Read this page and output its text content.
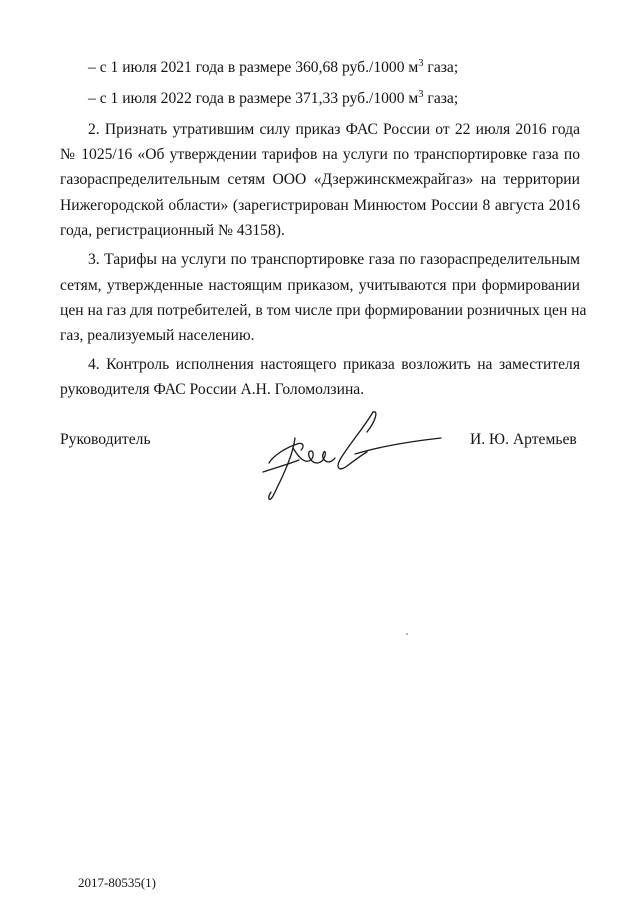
– с 1 июля 2021 года в размере 360,68 руб./1000 $м^3$ газа;
– с 1 июля 2022 года в размере 371,33 руб./1000 $м^3$ газа;
2. Признать утратившим силу приказ ФАС России от 22 июля 2016 года
№ 1025/16 «Об утверждении тарифов на услуги по транспортировке газа по
газораспределительным сетям ООО «Дзержинскмежрайгаз» на территории
Нижегородской области» (зарегистрирован Минюстом России 8 августа 2016
года, регистрационный № 43158).
3. Тарифы на услуги по транспортировке газа по газораспределительным
сетям, утвержденные настоящим приказом, учитываются при формировании
цен на газ для потребителей, в том числе при формировании розничных цен на
газ, реализуемый населению.
4. Контроль исполнения настоящего приказа возложить на заместителя
руководителя ФАС России А.Н. Голомолзина.
Руководитель	И. Ю. Артемьев
2017-80535(1)
